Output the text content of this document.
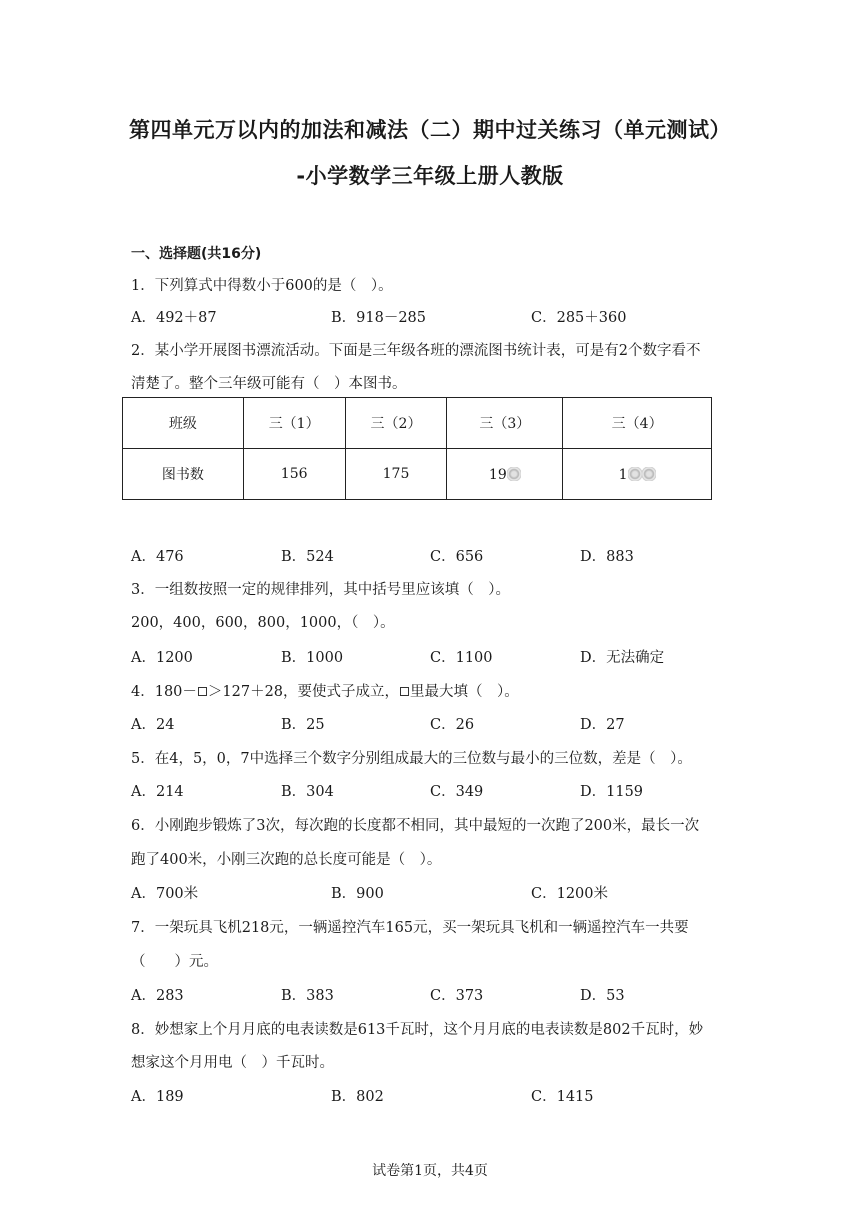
第四单元万以内的加法和减法（二）期中过关练习（单元测试）
-小学数学三年级上册人教版
一、选择题(共16分)
1．下列算式中得数小于600的是（　）。
A．492＋87	B．918－285	C．285＋360
2．某小学开展图书漂流活动。下面是三年级各班的漂流图书统计表，可是有2个数字看不
清楚了。整个三年级可能有（　）本图书。
班级	三（1）	三（2）	三（3）	三（4）
图书数	156	175	19	1
A．476	B．524	C．656	D．883
3．一组数按照一定的规律排列，其中括号里应该填（　）。
200，400，600，800，1000，（　）。
A．1200	B．1000	C．1100	D．无法确定
4．180－ ＞127＋28，要使式子成立， 里最大填（　）。
A．24	B．25	C．26	D．27
5．在4，5，0，7中选择三个数字分别组成最大的三位数与最小的三位数，差是（　）。
A．214	B．304	C．349	D．1159
6．小刚跑步锻炼了3次，每次跑的长度都不相同，其中最短的一次跑了200米，最长一次
跑了400米，小刚三次跑的总长度可能是（　）。
A．700米	B．900	C．1200米
7．一架玩具飞机218元，一辆遥控汽车165元，买一架玩具飞机和一辆遥控汽车一共要
（　　）元。
A．283	B．383	C．373	D．53
8．妙想家上个月月底的电表读数是613千瓦时，这个月月底的电表读数是802千瓦时，妙
想家这个月用电（　）千瓦时。
A．189	B．802	C．1415
试卷第1页，共4页
